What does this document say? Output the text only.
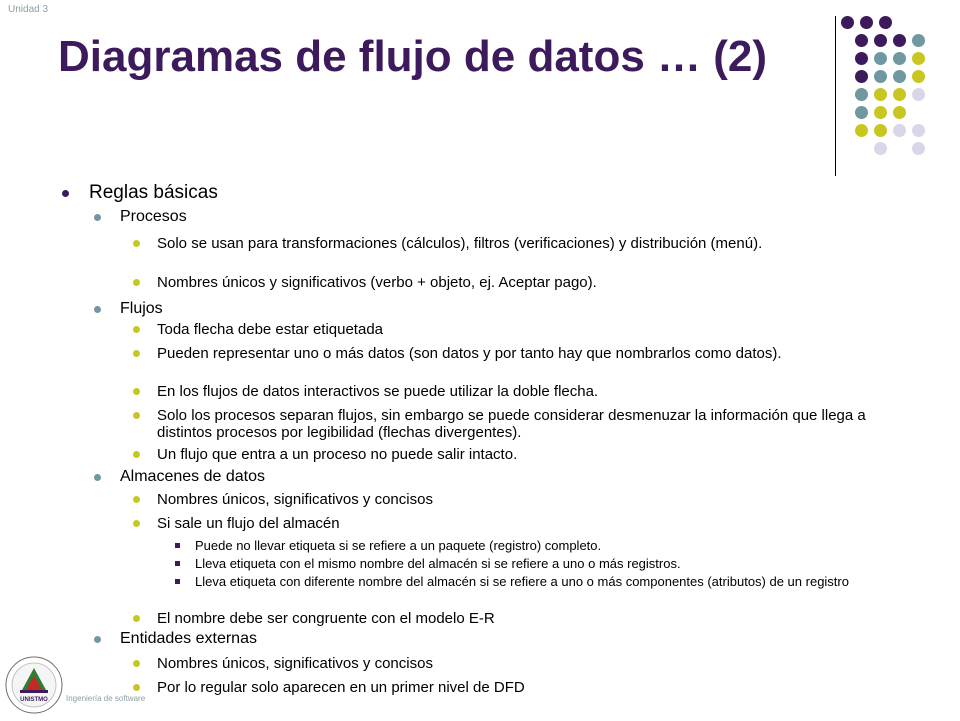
Unidad 3
Diagramas de flujo de datos … (2)
Reglas básicas
Procesos
Solo se usan para transformaciones (cálculos), filtros (verificaciones) y distribución (menú).
Nombres únicos y significativos (verbo + objeto, ej. Aceptar pago).
Flujos
Toda flecha debe estar etiquetada
Pueden representar uno o más datos (son datos y por tanto hay que nombrarlos como datos).
En los flujos de datos interactivos se puede utilizar la doble flecha.
Solo los procesos separan flujos, sin embargo se puede considerar desmenuzar la información que llega a distintos procesos por legibilidad (flechas divergentes).
Un flujo que entra a un proceso no puede salir intacto.
Almacenes de datos
Nombres únicos, significativos y concisos
Si sale un flujo del almacén
Puede no llevar etiqueta si se refiere a un paquete (registro) completo.
Lleva etiqueta con el mismo nombre del almacén si se refiere a uno o más registros.
Lleva etiqueta con diferente nombre del almacén si se refiere a uno o más componentes (atributos) de un registro
El nombre debe ser congruente con el modelo E-R
Entidades externas
Nombres únicos, significativos y concisos
Por lo regular solo aparecen en un primer nivel de DFD
UNISTMO Ingeniería de software
